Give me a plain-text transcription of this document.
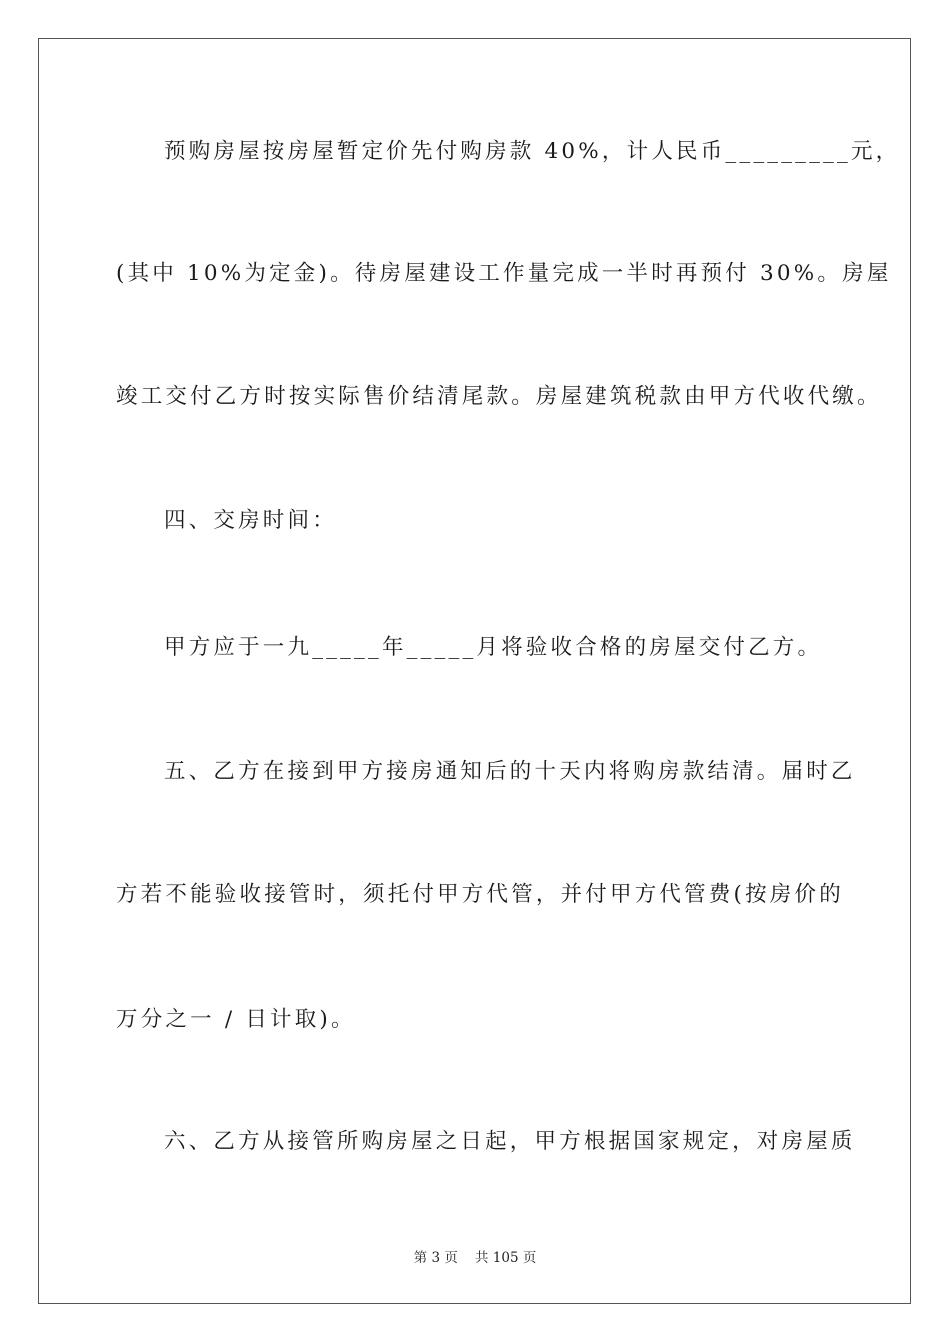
预购房屋按房屋暂定价先付购房款 40%，计人民币_________元，
(其中 10%为定金)。待房屋建设工作量完成一半时再预付 30%。房屋
竣工交付乙方时按实际售价结清尾款。房屋建筑税款由甲方代收代缴。
四、交房时间：
甲方应于一九_____年_____月将验收合格的房屋交付乙方。
五、乙方在接到甲方接房通知后的十天内将购房款结清。届时乙
方若不能验收接管时，须托付甲方代管，并付甲方代管费(按房价的
万分之一 / 日计取)。
六、乙方从接管所购房屋之日起，甲方根据国家规定，对房屋质
第 3 页    共 105 页
